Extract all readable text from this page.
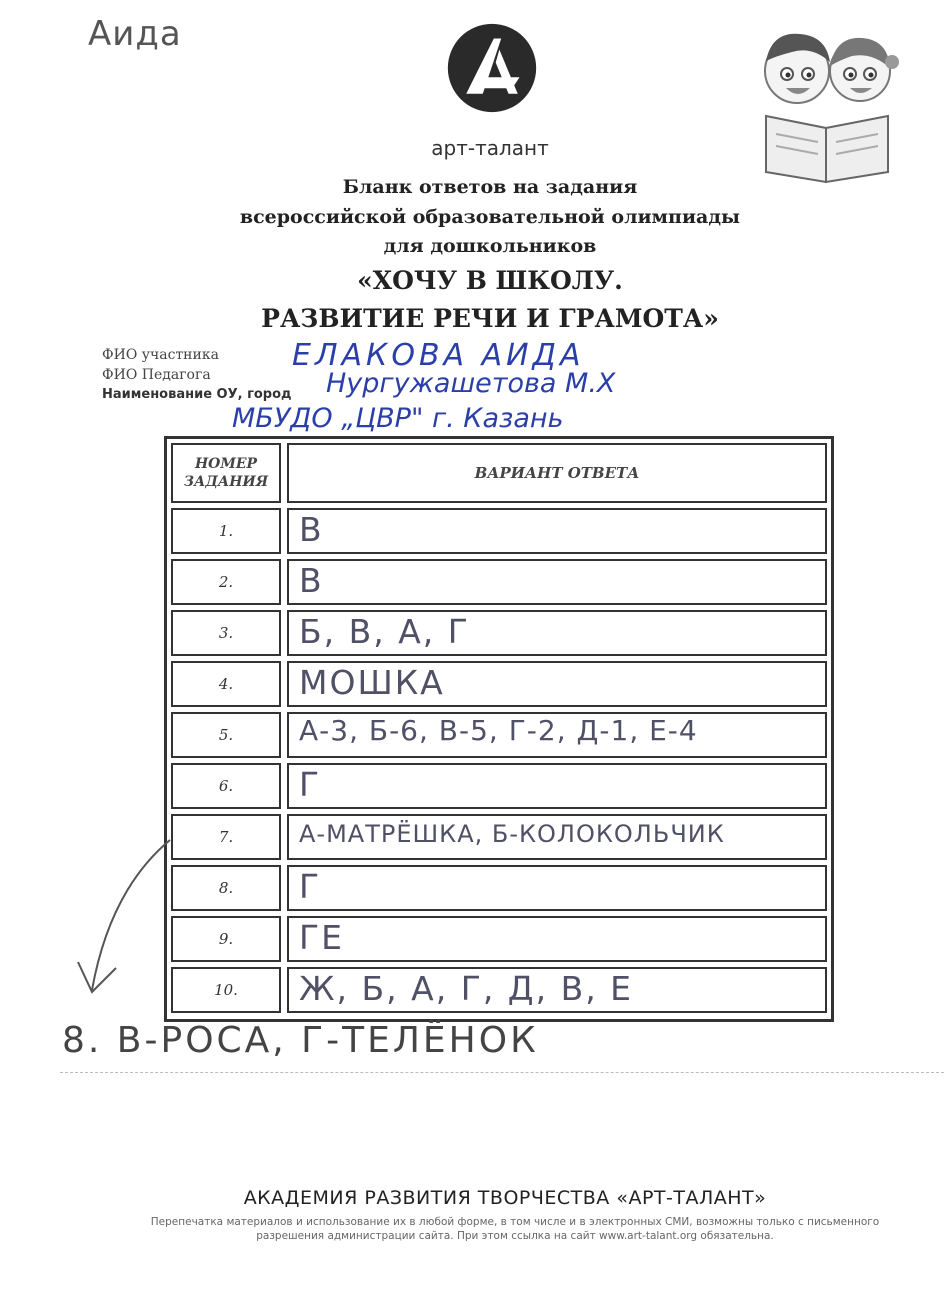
Аида
арт-талант
Бланк ответов на задания
всероссийской образовательной олимпиады
для дошкольников
«ХОЧУ В ШКОЛУ.
РАЗВИТИЕ РЕЧИ И ГРАМОТА»
ФИО участника
ФИО Педагога
Наименование ОУ, город
ЕЛАКОВА АИДА
Нургужашетова М.Х
МБУДО „ЦВР" г. Казань
НОМЕР
ЗАДАНИЯ	ВАРИАНТ ОТВЕТА
1.	В
2.	В
3.	Б, В, А, Г
4.	МОШКА
5.	А-3, Б-6, В-5, Г-2, Д-1, Е-4
6.	Г
7.	А-МАТРЁШКА, Б-КОЛОКОЛЬЧИК
8.	Г
9.	ГЕ
10.	Ж, Б, А, Г, Д, В, Е
8. В-РОСА, Г-ТЕЛЁНОК
АКАДЕМИЯ РАЗВИТИЯ ТВОРЧЕСТВА «АРТ-ТАЛАНТ»
Перепечатка материалов и использование их в любой форме, в том числе и в электронных СМИ, возможны только с письменного разрешения администрации сайта. При этом ссылка на сайт www.art-talant.org обязательна.
